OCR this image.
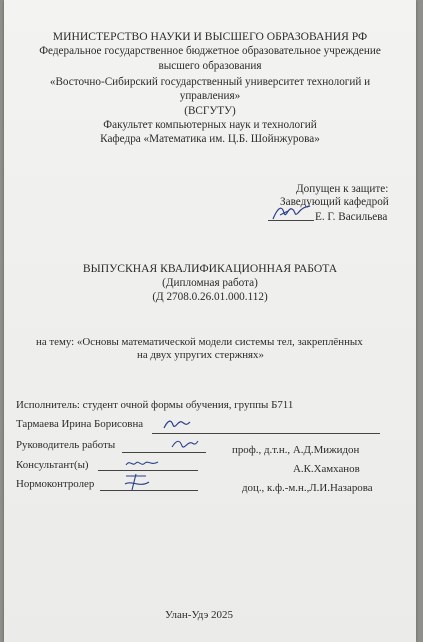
МИНИСТЕРСТВО НАУКИ И ВЫСШЕГО ОБРАЗОВАНИЯ РФ
Федеральное государственное бюджетное образовательное учреждение
высшего образования
«Восточно-Сибирский государственный университет технологий и
управления»
(ВСГУТУ)
Факультет компьютерных наук и технологий
Кафедра «Математика им. Ц.Б. Шойнжурова»
Допущен к защите:
Заведующий кафедрой
Е. Г. Васильева
ВЫПУСКНАЯ КВАЛИФИКАЦИОННАЯ РАБОТА
(Дипломная работа)
(Д 2708.0.26.01.000.112)
на тему: «Основы математической модели системы тел, закреплённых
на двух упругих стержнях»
Исполнитель: студент очной формы обучения, группы Б711
Тармаева Ирина Борисовна
Руководитель работы	проф., д.т.н., А.Д.Мижидон
Консультант(ы)	А.К.Хамханов
Нормоконтролер	доц., к.ф.-м.н.,Л.И.Назарова
Улан-Удэ 2025
